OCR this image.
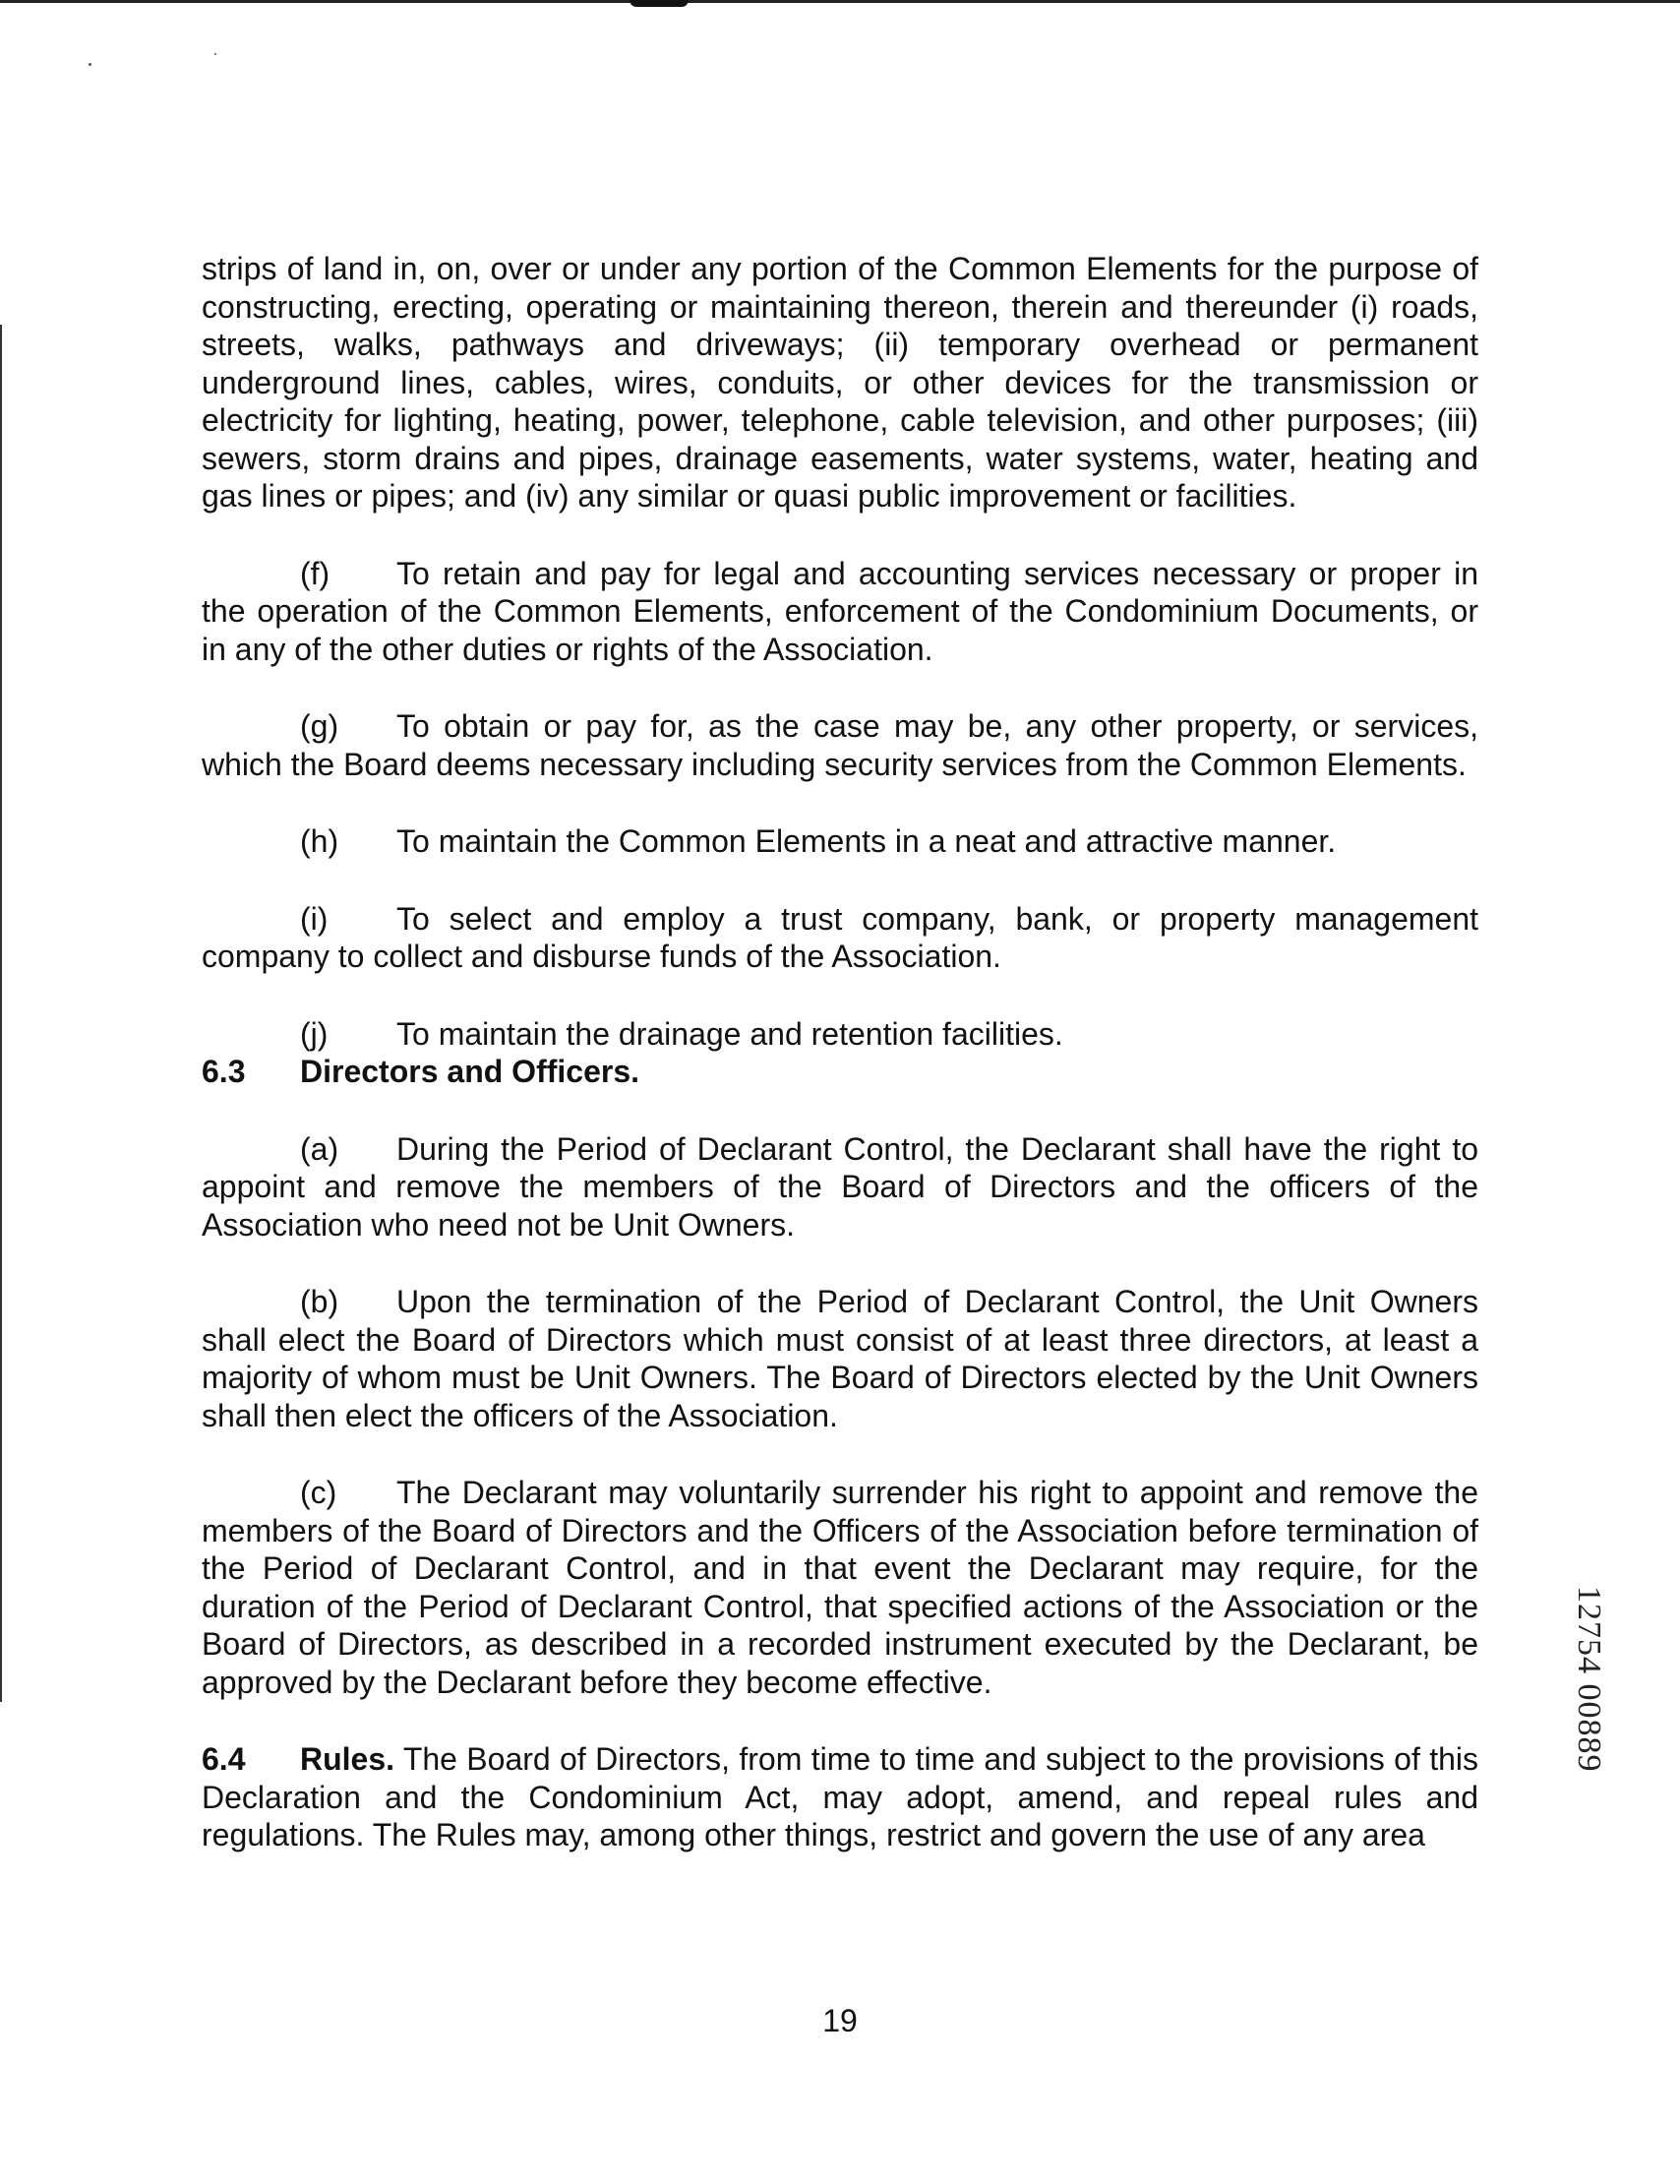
strips of land in, on, over or under any portion of the Common Elements for the purpose of constructing, erecting, operating or maintaining thereon, therein and thereunder (i) roads, streets, walks, pathways and driveways; (ii) temporary overhead or permanent underground lines, cables, wires, conduits, or other devices for the transmission or electricity for lighting, heating, power, telephone, cable television, and other purposes; (iii) sewers, storm drains and pipes, drainage easements, water systems, water, heating and gas lines or pipes; and (iv) any similar or quasi public improvement or facilities.

(f) To retain and pay for legal and accounting services necessary or proper in the operation of the Common Elements, enforcement of the Condominium Documents, or in any of the other duties or rights of the Association.

(g) To obtain or pay for, as the case may be, any other property, or services, which the Board deems necessary including security services from the Common Elements.

(h) To maintain the Common Elements in a neat and attractive manner.

(i) To select and employ a trust company, bank, or property management company to collect and disburse funds of the Association.

(j) To maintain the drainage and retention facilities.

6.3 Directors and Officers.

(a) During the Period of Declarant Control, the Declarant shall have the right to appoint and remove the members of the Board of Directors and the officers of the Association who need not be Unit Owners.

(b) Upon the termination of the Period of Declarant Control, the Unit Owners shall elect the Board of Directors which must consist of at least three directors, at least a majority of whom must be Unit Owners. The Board of Directors elected by the Unit Owners shall then elect the officers of the Association.

(c) The Declarant may voluntarily surrender his right to appoint and remove the members of the Board of Directors and the Officers of the Association before termination of the Period of Declarant Control, and in that event the Declarant may require, for the duration of the Period of Declarant Control, that specified actions of the Association or the Board of Directors, as described in a recorded instrument executed by the Declarant, be approved by the Declarant before they become effective.

6.4 Rules. The Board of Directors, from time to time and subject to the provisions of this Declaration and the Condominium Act, may adopt, amend, and repeal rules and regulations. The Rules may, among other things, restrict and govern the use of any area

19
12754 00889
